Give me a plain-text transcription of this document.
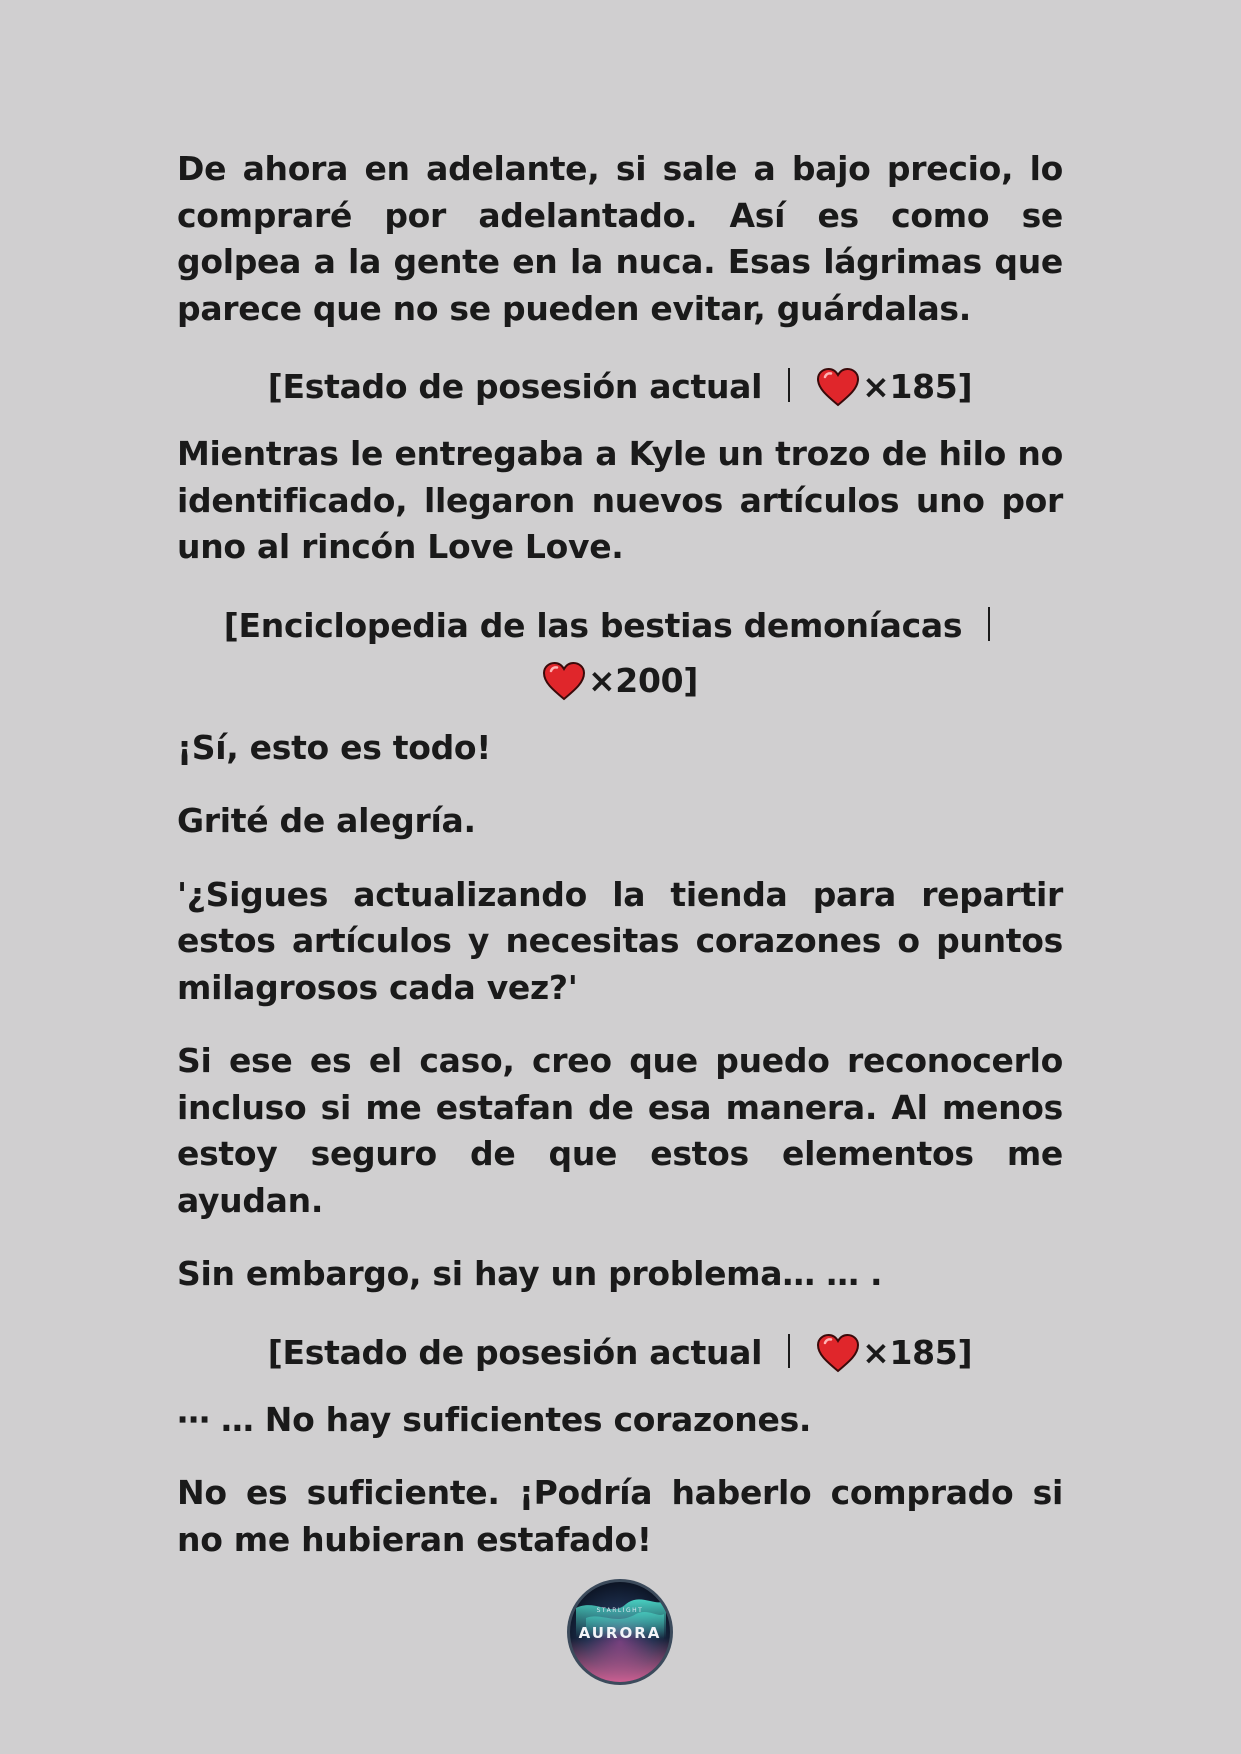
De ahora en adelante, si sale a bajo precio, lo compraré por adelantado. Así es como se golpea a la gente en la nuca. Esas lágrimas que parece que no se pueden evitar, guárdalas.

[Estado de posesión actual	×185]

Mientras le entregaba a Kyle un trozo de hilo no identificado, llegaron nuevos artículos uno por uno al rincón Love Love.

[Enciclopedia de las bestias demoníacas
×200]

¡Sí, esto es todo!

Grité de alegría.

'¿Sigues actualizando la tienda para repartir estos artículos y necesitas corazones o puntos milagrosos cada vez?'

Si ese es el caso, creo que puedo reconocerlo incluso si me estafan de esa manera. Al menos estoy seguro de que estos elementos me ayudan.

Sin embargo, si hay un problema… … .

[Estado de posesión actual	×185]

⋯ … No hay suficientes corazones.

No es suficiente. ¡Podría haberlo comprado si no me hubieran estafado!

STARLIGHT
AURORA
